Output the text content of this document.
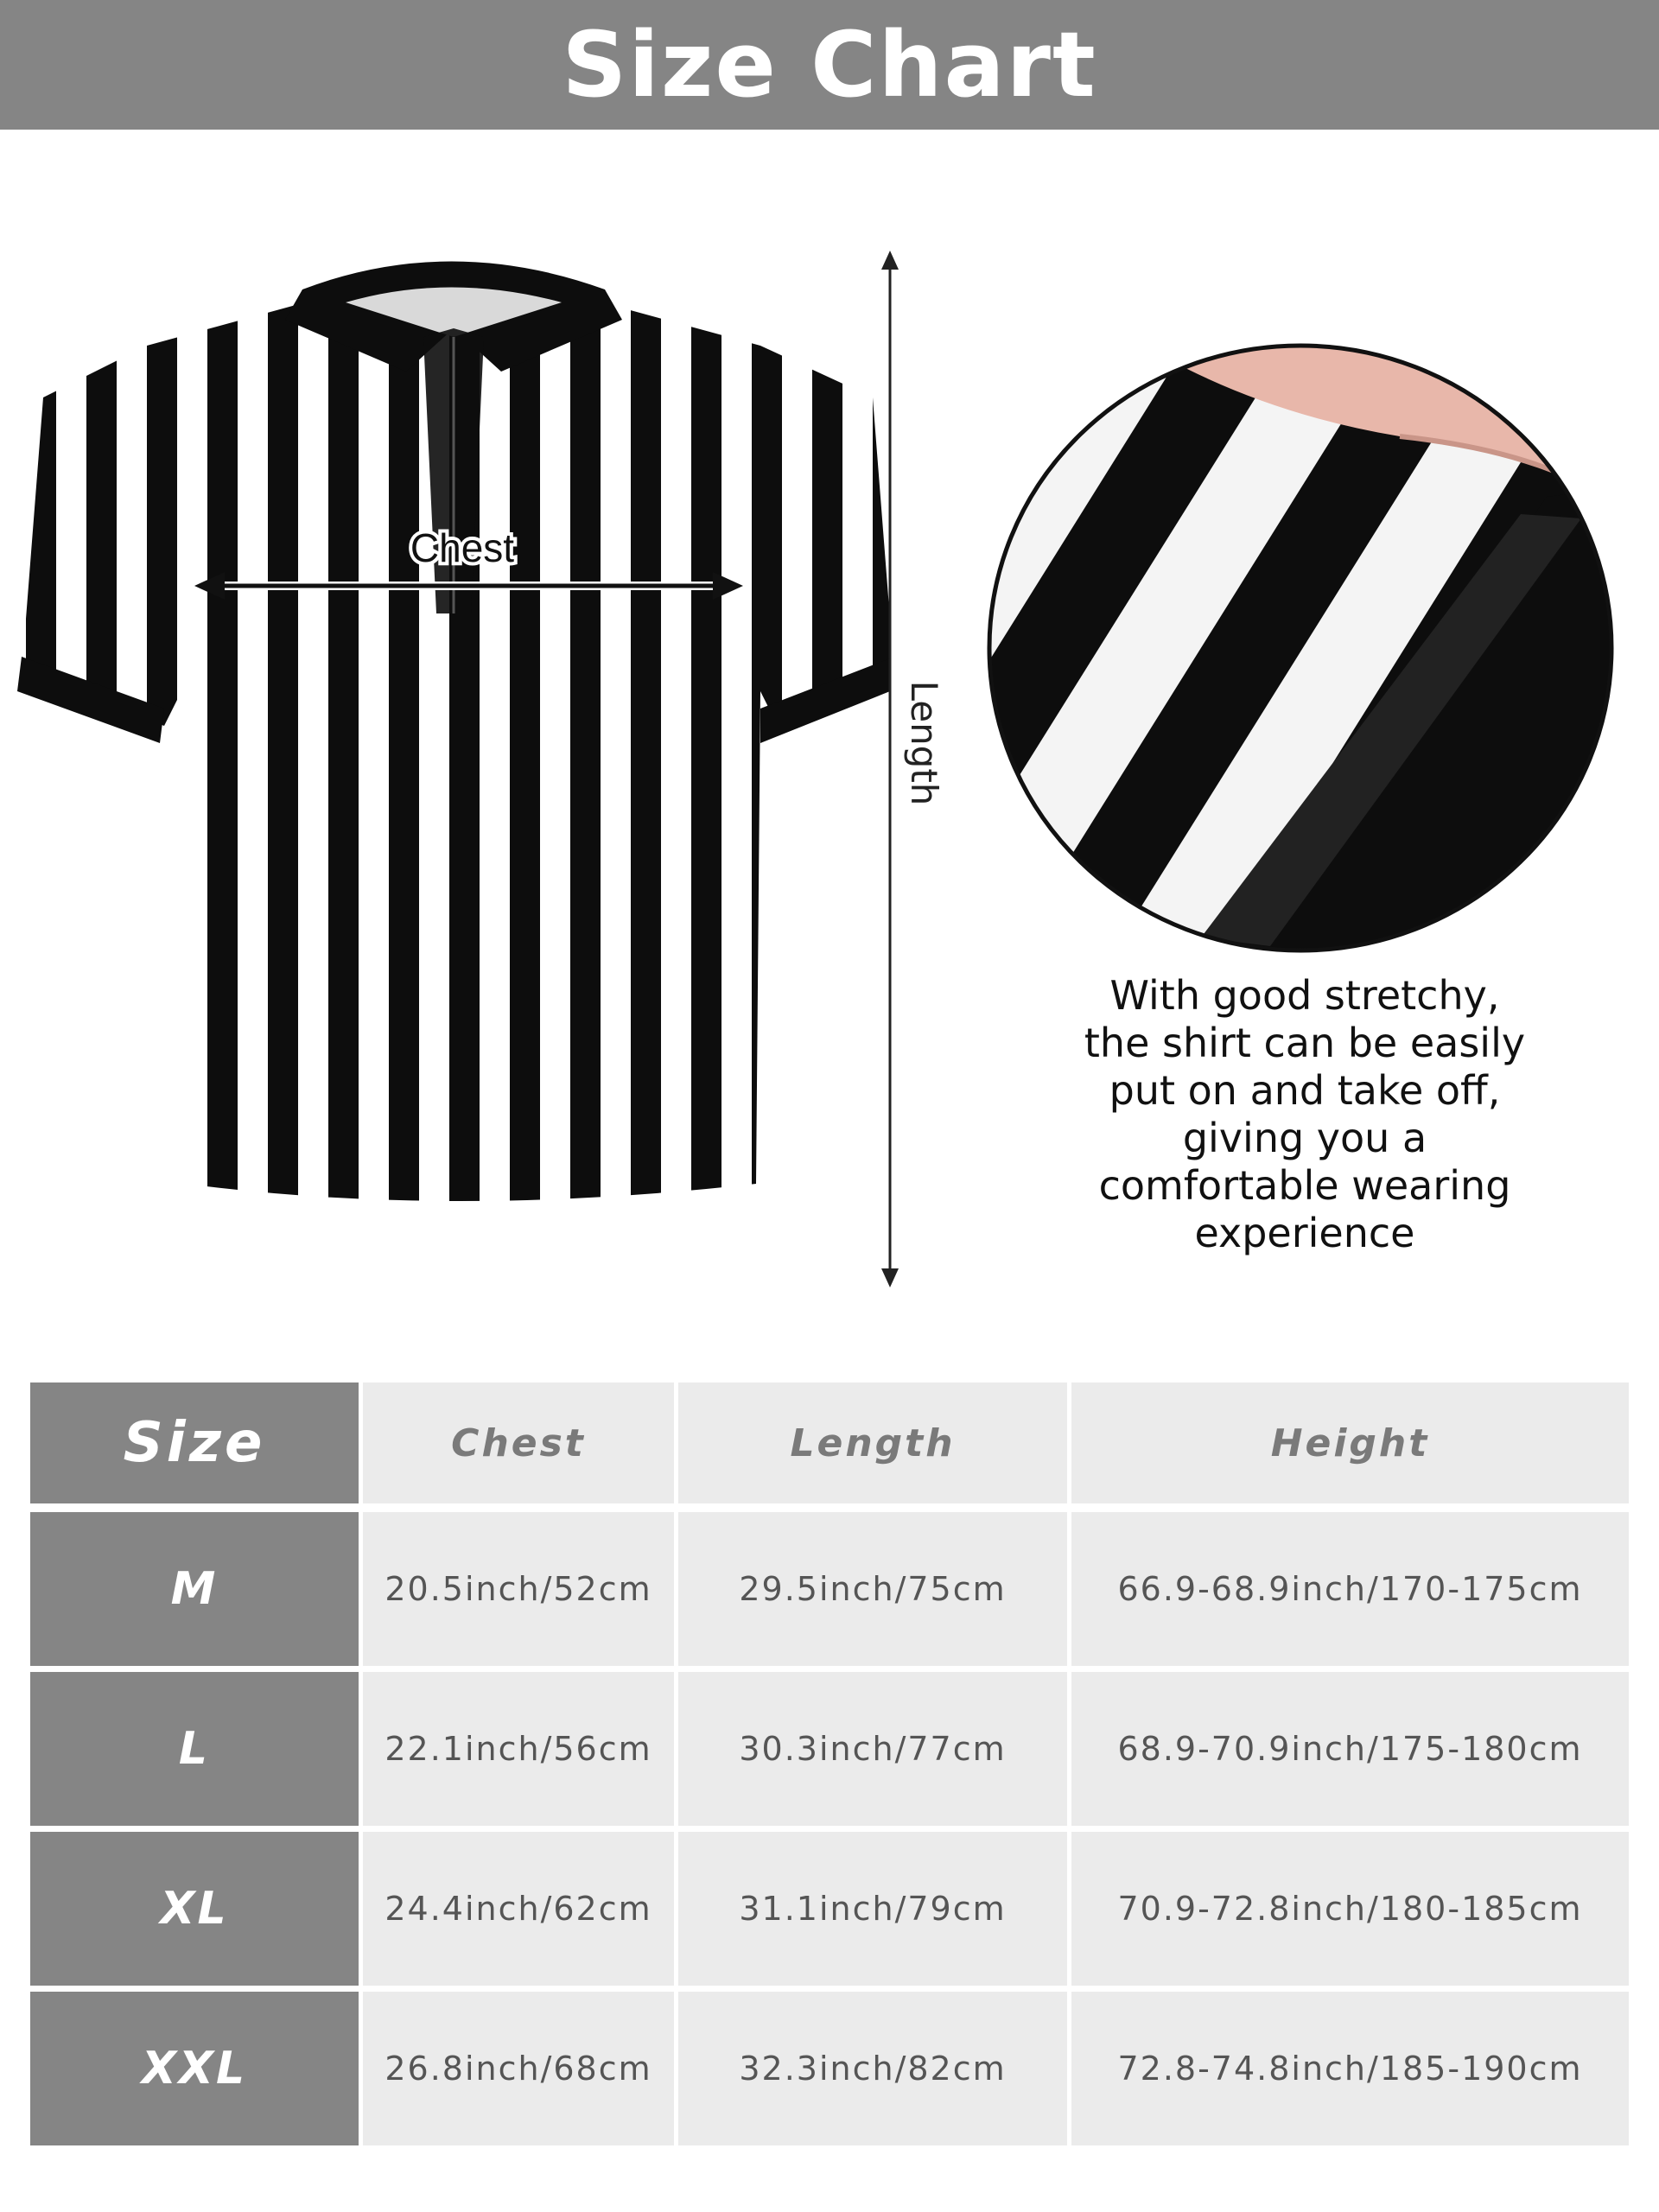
Size Chart
Chest
Length
With good stretchy,
the shirt can be easily
put on and take off,
giving you a
comfortable wearing
experience
Size	Chest	Length	Height
M	20.5inch/52cm	29.5inch/75cm	66.9-68.9inch/170-175cm
L	22.1inch/56cm	30.3inch/77cm	68.9-70.9inch/175-180cm
XL	24.4inch/62cm	31.1inch/79cm	70.9-72.8inch/180-185cm
XXL	26.8inch/68cm	32.3inch/82cm	72.8-74.8inch/185-190cm
